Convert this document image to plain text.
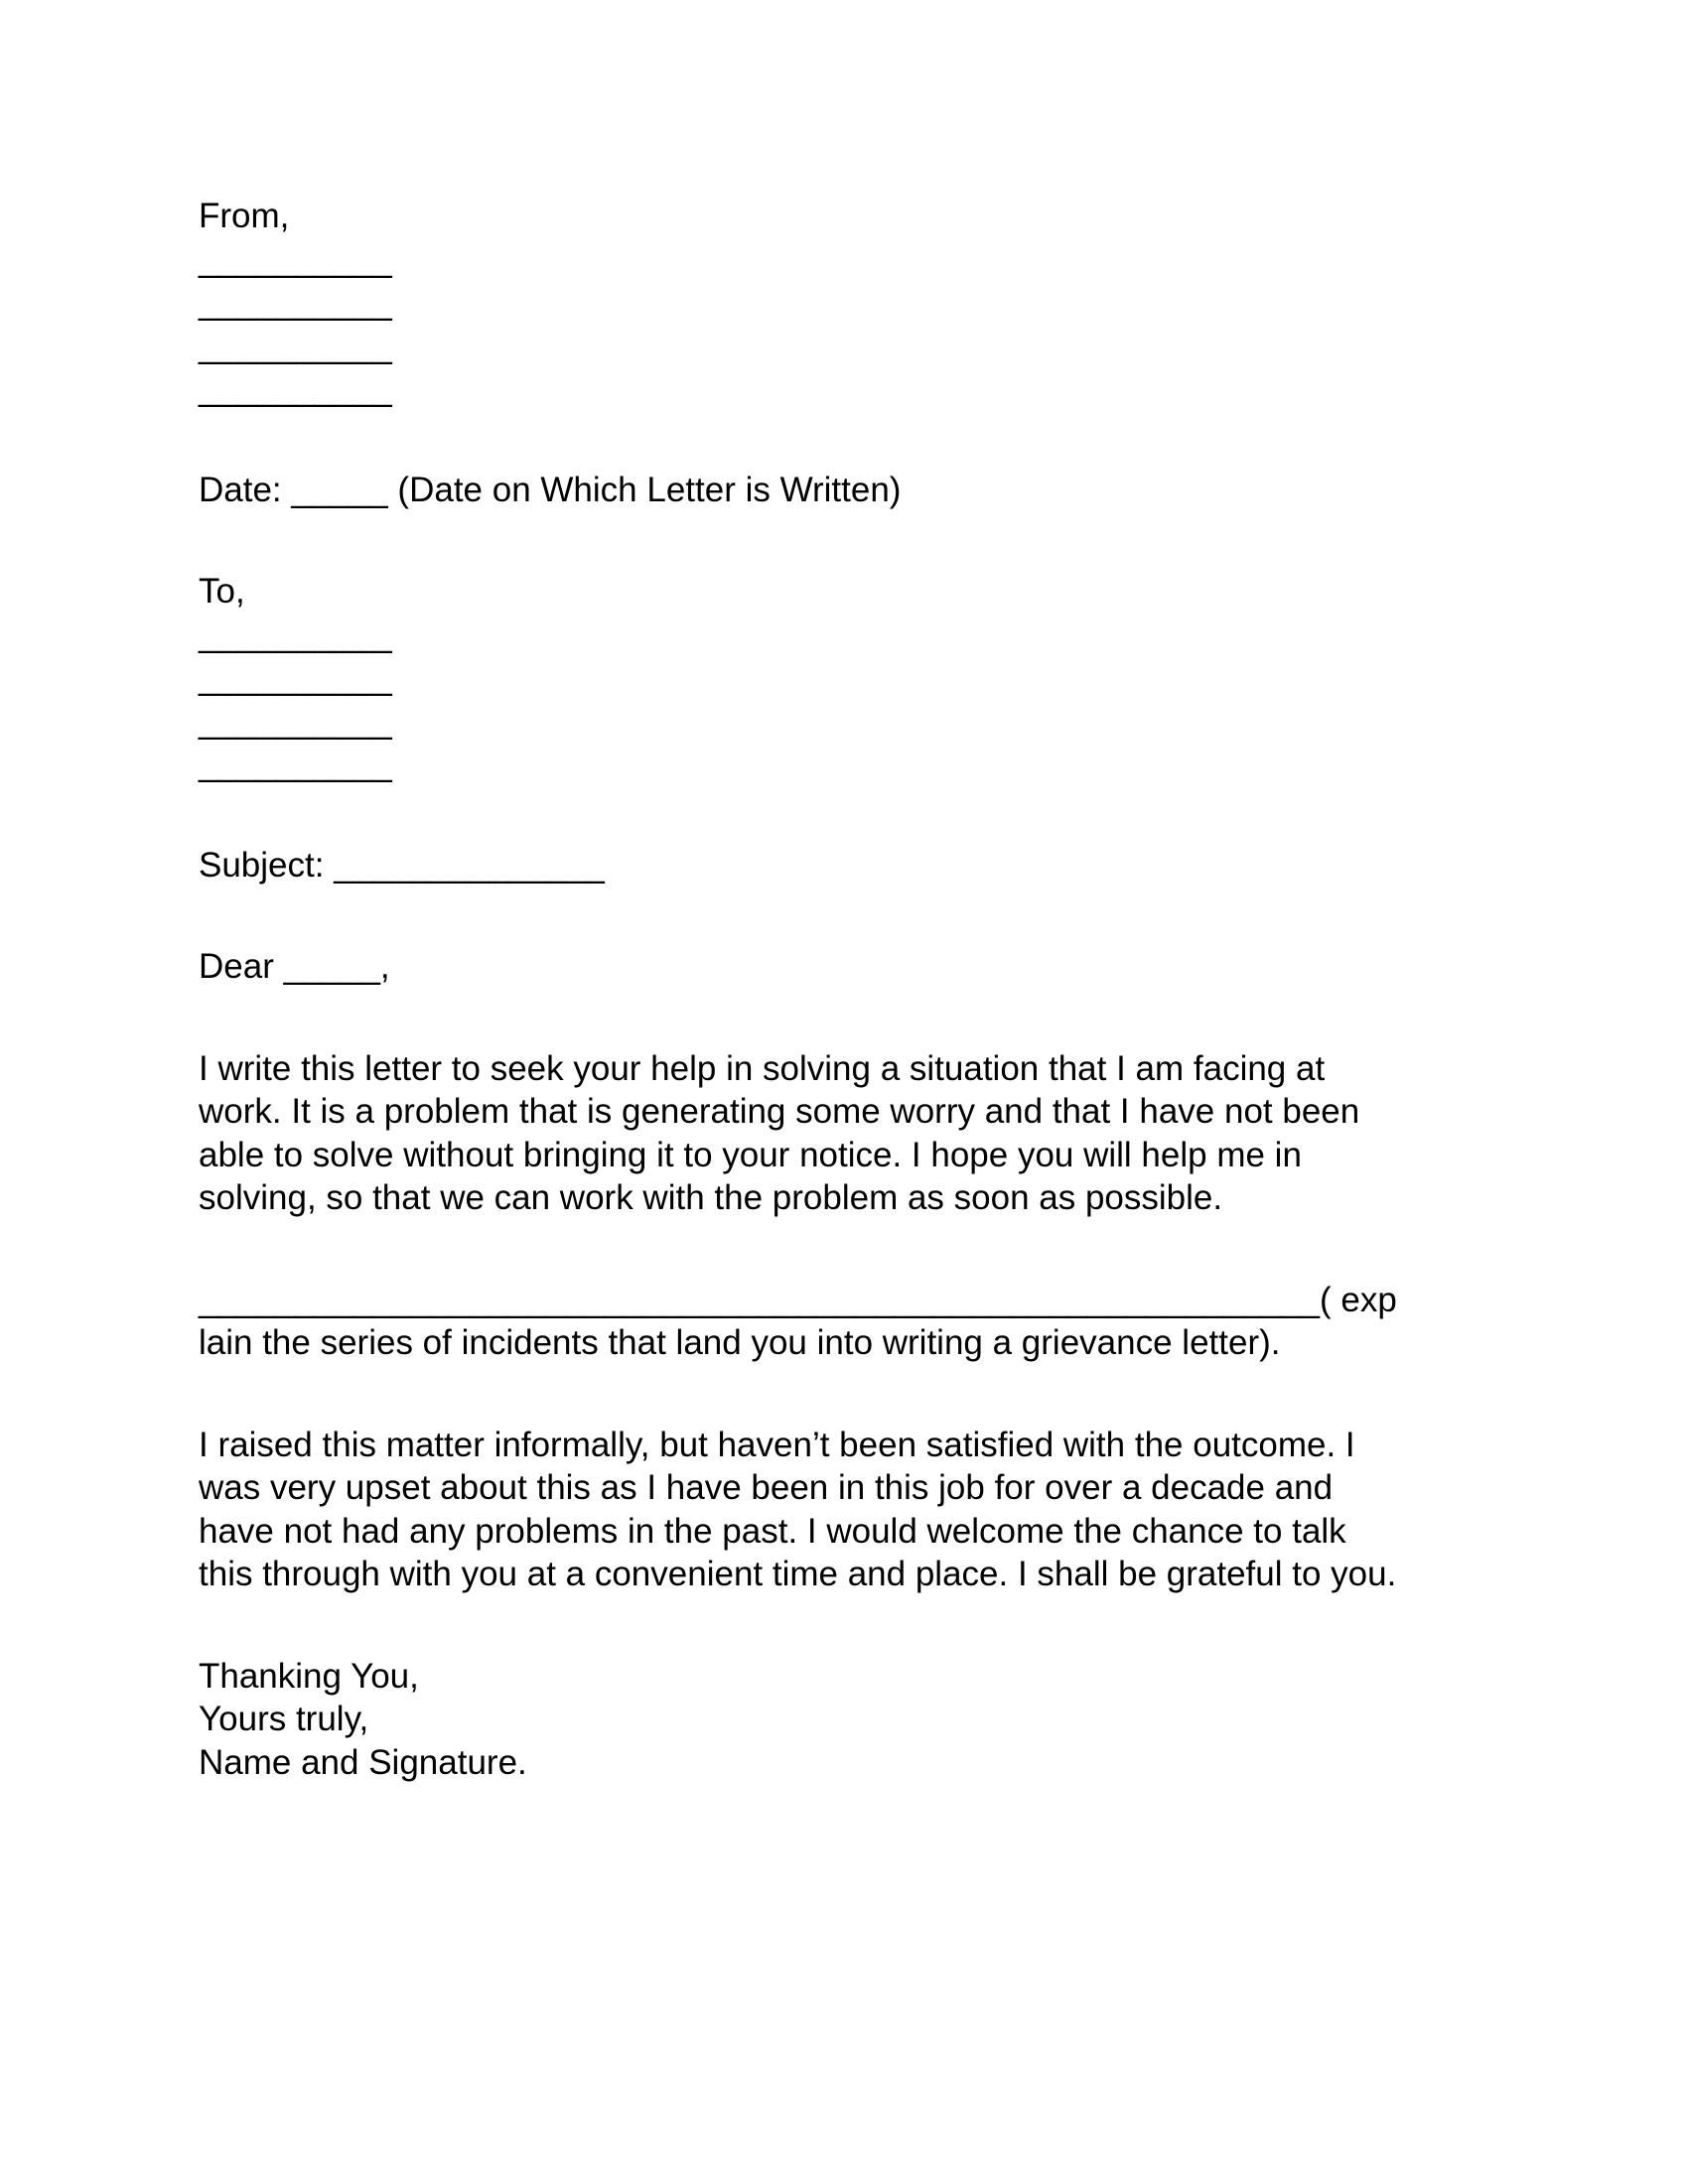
From,
__________
__________
__________
__________
Date: _____ (Date on Which Letter is Written)
To,
__________
__________
__________
__________
Subject: ______________
Dear _____,
I write this letter to seek your help in solving a situation that I am facing at
work. It is a problem that is generating some worry and that I have not been
able to solve without bringing it to your notice. I hope you will help me in
solving, so that we can work with the problem as soon as possible.
__________________________________________________________( exp
lain the series of incidents that land you into writing a grievance letter).
I raised this matter informally, but haven’t been satisfied with the outcome. I
was very upset about this as I have been in this job for over a decade and
have not had any problems in the past. I would welcome the chance to talk
this through with you at a convenient time and place. I shall be grateful to you.
Thanking You,
Yours truly,
Name and Signature.
